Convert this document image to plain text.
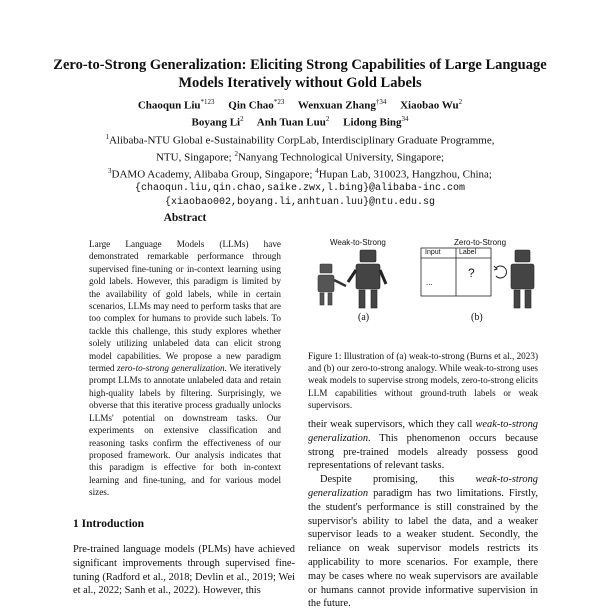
Zero-to-Strong Generalization: Eliciting Strong Capabilities of Large Language Models Iteratively without Gold Labels
Chaoqun Liu$^{*123}$ Qin Chao$^{*23}$ Wenxuan Zhang$^{\dagger 34}$ Xiaobao Wu$^2$
Boyang Li$^2$ Anh Tuan Luu$^2$ Lidong Bing$^{34}$
$^1$Alibaba-NTU Global e-Sustainability CorpLab, Interdisciplinary Graduate Programme,
NTU, Singapore; $^2$Nanyang Technological University, Singapore;
$^3$DAMO Academy, Alibaba Group, Singapore; $^4$Hupan Lab, 310023, Hangzhou, China;
{chaoqun.liu,qin.chao,saike.zwx,l.bing}@alibaba-inc.com
{xiaobao002,boyang.li,anhtuan.luu}@ntu.edu.sg
Abstract
Large Language Models (LLMs) have demonstrated remarkable performance through supervised fine-tuning or in-context learning using gold labels. However, this paradigm is limited by the availability of gold labels, while in certain scenarios, LLMs may need to perform tasks that are too complex for humans to provide such labels. To tackle this challenge, this study explores whether solely utilizing unlabeled data can elicit strong model capabilities. We propose a new paradigm termed zero-to-strong generalization. We iteratively prompt LLMs to annotate unlabeled data and retain high-quality labels by filtering. Surprisingly, we obverse that this iterative process gradually unlocks LLMs' potential on downstream tasks. Our experiments on extensive classification and reasoning tasks confirm the effectiveness of our proposed framework. Our analysis indicates that this paradigm is effective for both in-context learning and fine-tuning, and for various model sizes.
1 Introduction
Pre-trained language models (PLMs) have achieved significant improvements through supervised fine-tuning (Radford et al., 2018; Devlin et al., 2019; Wei et al., 2022; Sanh et al., 2022). However, this
Weak-to-Strong	Zero-to-Strong
Input	Label
?
...
(a)	(b)
Figure 1: Illustration of (a) weak-to-strong (Burns et al., 2023) and (b) our zero-to-strong analogy. While weak-to-strong uses weak models to supervise strong models, zero-to-strong elicits LLM capabilities without ground-truth labels or weak supervisors.

their weak supervisors, which they call weak-to-strong generalization. This phenomenon occurs because strong pre-trained models already possess good representations of relevant tasks.

Despite promising, this weak-to-strong generalization paradigm has two limitations. Firstly, the student's performance is still constrained by the supervisor's ability to label the data, and a weaker supervisor leads to a weaker student. Secondly, the reliance on weak supervisor models restricts its applicability to more scenarios. For example, there may be cases where no weak supervisors are available or humans cannot provide informative supervision in the future.
